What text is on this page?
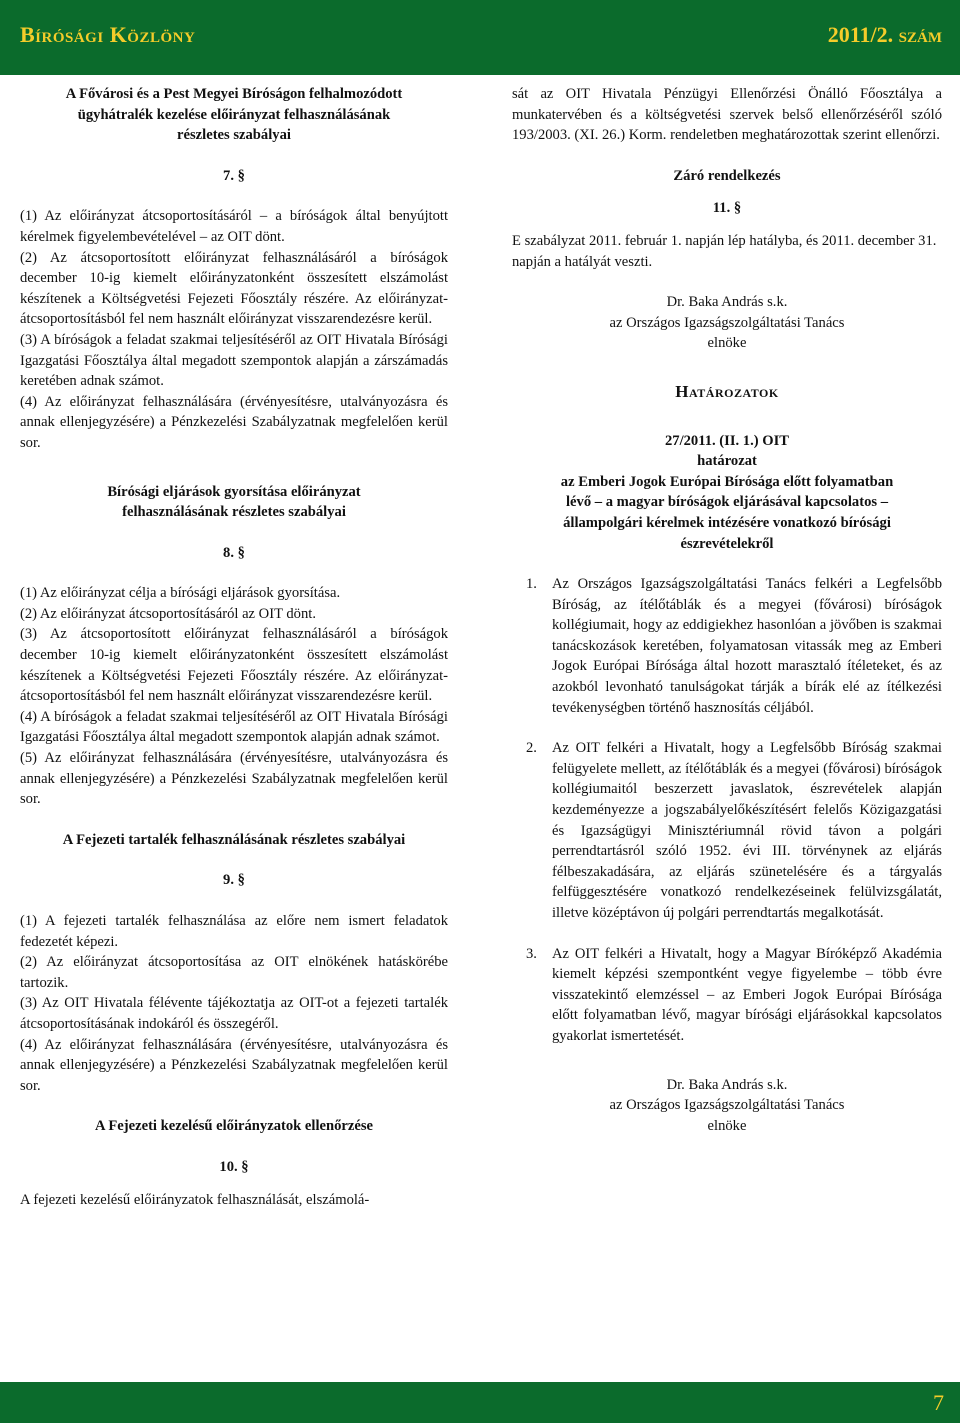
Bírósági Közlöny	2011/2. szám
A Fővárosi és a Pest Megyei Bíróságon felhalmozódott
ügyhátralék kezelése előirányzat felhasználásának
részletes szabályai
7. §

(1) Az előirányzat átcsoportosításáról – a bíróságok által benyújtott kérelmek figyelembevételével – az OIT dönt.

(2) Az átcsoportosított előirányzat felhasználásáról a bíróságok december 10-ig kiemelt előirányzatonként összesített elszámolást készítenek a Költségvetési Fejezeti Főosztály részére. Az előirányzat-átcsoportosításból fel nem használt előirányzat visszarendezésre kerül.

(3) A bíróságok a feladat szakmai teljesítéséről az OIT Hivatala Bírósági Igazgatási Főosztálya által megadott szempontok alapján a zárszámadás keretében adnak számot.

(4) Az előirányzat felhasználására (érvényesítésre, utalványozásra és annak ellenjegyzésére) a Pénzkezelési Szabályzatnak megfelelően kerül sor.

Bírósági eljárások gyorsítása előirányzat
felhasználásának részletes szabályai
8. §

(1) Az előirányzat célja a bírósági eljárások gyorsítása.

(2) Az előirányzat átcsoportosításáról az OIT dönt.

(3) Az átcsoportosított előirányzat felhasználásáról a bíróságok december 10-ig kiemelt előirányzatonként összesített elszámolást készítenek a Költségvetési Fejezeti Főosztály részére. Az előirányzat-átcsoportosításból fel nem használt előirányzat visszarendezésre kerül.

(4) A bíróságok a feladat szakmai teljesítéséről az OIT Hivatala Bírósági Igazgatási Főosztálya által megadott szempontok alapján adnak számot.

(5) Az előirányzat felhasználására (érvényesítésre, utalványozásra és annak ellenjegyzésére) a Pénzkezelési Szabályzatnak megfelelően kerül sor.

A Fejezeti tartalék felhasználásának részletes szabályai
9. §

(1) A fejezeti tartalék felhasználása az előre nem ismert feladatok fedezetét képezi.

(2) Az előirányzat átcsoportosítása az OIT elnökének hatáskörébe tartozik.

(3) Az OIT Hivatala félévente tájékoztatja az OIT-ot a fejezeti tartalék átcsoportosításának indokáról és összegéről.

(4) Az előirányzat felhasználására (érvényesítésre, utalványozásra és annak ellenjegyzésére) a Pénzkezelési Szabályzatnak megfelelően kerül sor.

A Fejezeti kezelésű előirányzatok ellenőrzése
10. §

A fejezeti kezelésű előirányzatok felhasználását, elszámolá-

sát az OIT Hivatala Pénzügyi Ellenőrzési Önálló Főosztálya a munkatervében és a költségvetési szervek belső ellenőrzéséről szóló 193/2003. (XI. 26.) Korm. rendeletben meghatározottak szerint ellenőrzi.

Záró rendelkezés
11. §

E szabályzat 2011. február 1. napján lép hatályba, és 2011. december 31. napján a hatályát veszti.

Dr. Baka András s.k.
az Országos Igazságszolgáltatási Tanács
elnöke
Határozatok
27/2011. (II. 1.) OIT
határozat
az Emberi Jogok Európai Bírósága előtt folyamatban
lévő – a magyar bíróságok eljárásával kapcsolatos –
állampolgári kérelmek intézésére vonatkozó bírósági
észrevételekről
1. Az Országos Igazságszolgáltatási Tanács felkéri a Legfelsőbb Bíróság, az ítélőtáblák és a megyei (fővárosi) bíróságok kollégiumait, hogy az eddigiekhez hasonlóan a jövőben is szakmai tanácskozások keretében, folyamatosan vitassák meg az Emberi Jogok Európai Bírósága által hozott marasztaló ítéleteket, és az azokból levonható tanulságokat tárják a bírák elé az ítélkezési tevékenységben történő hasznosítás céljából.
2. Az OIT felkéri a Hivatalt, hogy a Legfelsőbb Bíróság szakmai felügyelete mellett, az ítélőtáblák és a megyei (fővárosi) bíróságok kollégiumaitól beszerzett javaslatok, észrevételek alapján kezdeményezze a jogszabályelőkészítésért felelős Közigazgatási és Igazságügyi Minisztériumnál rövid távon a polgári perrendtartásról szóló 1952. évi III. törvénynek az eljárás félbeszakadására, az eljárás szünetelésére és a tárgyalás felfüggesztésére vonatkozó rendelkezéseinek felülvizsgálatát, illetve középtávon új polgári perrendtartás megalkotását.
3. Az OIT felkéri a Hivatalt, hogy a Magyar Bíróképző Akadémia kiemelt képzési szempontként vegye figyelembe – több évre visszatekintő elemzéssel – az Emberi Jogok Európai Bírósága előtt folyamatban lévő, magyar bírósági eljárásokkal kapcsolatos gyakorlat ismertetését.
Dr. Baka András s.k.
az Országos Igazságszolgáltatási Tanács
elnöke
7
